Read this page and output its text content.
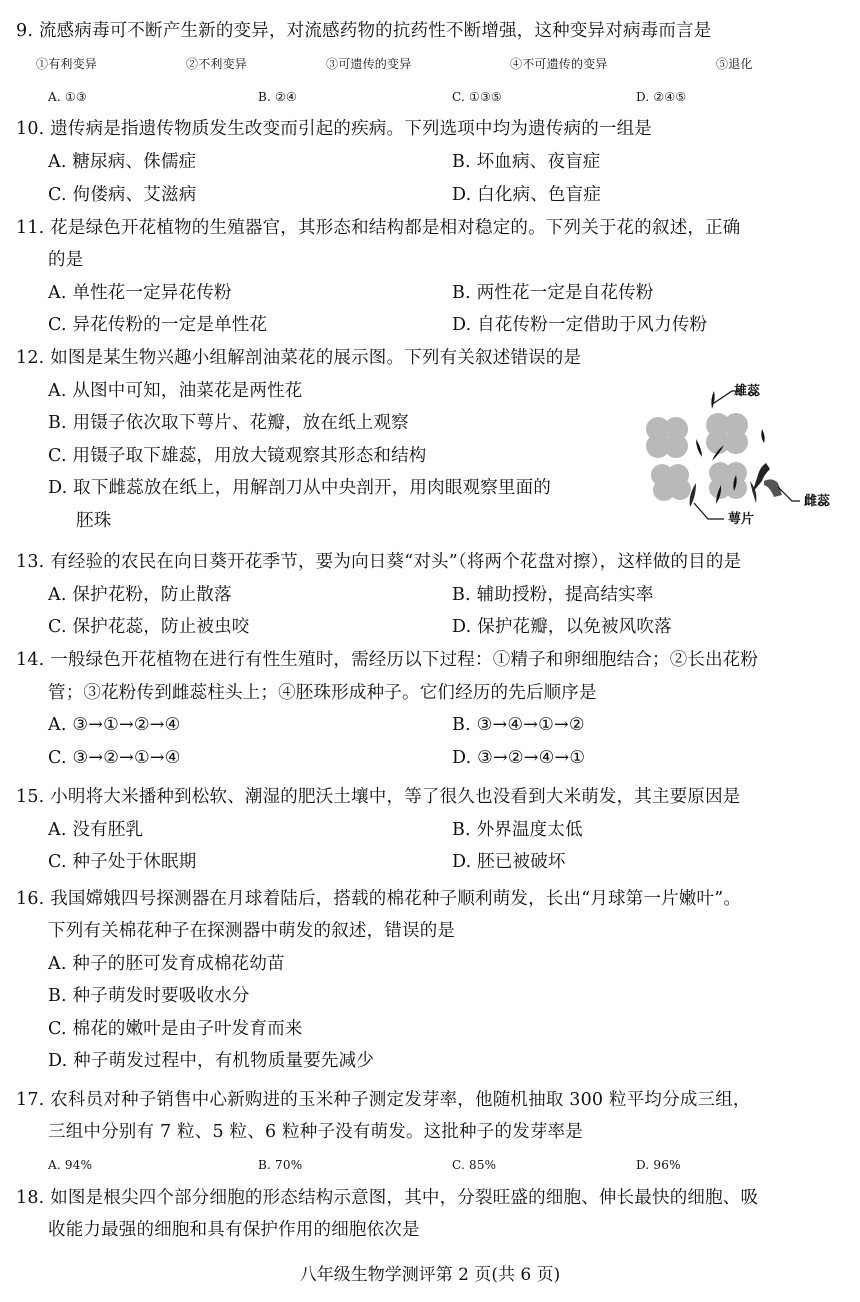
9. 流感病毒可不断产生新的变异，对流感药物的抗药性不断增强，这种变异对病毒而言是
①有利变异	②不利变异	③可遗传的变异	④不可遗传的变异	⑤退化
A. ①③	B. ②④	C. ①③⑤	D. ②④⑤
10. 遗传病是指遗传物质发生改变而引起的疾病。下列选项中均为遗传病的一组是
A. 糖尿病、侏儒症	B. 坏血病、夜盲症
C. 佝偻病、艾滋病	D. 白化病、色盲症
11. 花是绿色开花植物的生殖器官，其形态和结构都是相对稳定的。下列关于花的叙述，正确
的是
A. 单性花一定异花传粉	B. 两性花一定是自花传粉
C. 异花传粉的一定是单性花	D. 自花传粉一定借助于风力传粉
12. 如图是某生物兴趣小组解剖油菜花的展示图。下列有关叙述错误的是
A. 从图中可知，油菜花是两性花
B. 用镊子依次取下萼片、花瓣，放在纸上观察
C. 用镊子取下雄蕊，用放大镜观察其形态和结构
D. 取下雌蕊放在纸上，用解剖刀从中央剖开，用肉眼观察里面的
胚珠
雄蕊
雌蕊
萼片
13. 有经验的农民在向日葵开花季节，要为向日葵“对头”（将两个花盘对擦），这样做的目的是
A. 保护花粉，防止散落	B. 辅助授粉，提高结实率
C. 保护花蕊，防止被虫咬	D. 保护花瓣，以免被风吹落
14. 一般绿色开花植物在进行有性生殖时，需经历以下过程：①精子和卵细胞结合；②长出花粉
管；③花粉传到雌蕊柱头上；④胚珠形成种子。它们经历的先后顺序是
A. ③→①→②→④	B. ③→④→①→②
C. ③→②→①→④	D. ③→②→④→①
15. 小明将大米播种到松软、潮湿的肥沃土壤中，等了很久也没看到大米萌发，其主要原因是
A. 没有胚乳	B. 外界温度太低
C. 种子处于休眠期	D. 胚已被破坏
16. 我国嫦娥四号探测器在月球着陆后，搭载的棉花种子顺利萌发，长出“月球第一片嫩叶”。
下列有关棉花种子在探测器中萌发的叙述，错误的是
A. 种子的胚可发育成棉花幼苗
B. 种子萌发时要吸收水分
C. 棉花的嫩叶是由子叶发育而来
D. 种子萌发过程中，有机物质量要先减少
17. 农科员对种子销售中心新购进的玉米种子测定发芽率，他随机抽取 300 粒平均分成三组，
三组中分别有 7 粒、5 粒、6 粒种子没有萌发。这批种子的发芽率是
A. 94%	B. 70%	C. 85%	D. 96%
18. 如图是根尖四个部分细胞的形态结构示意图，其中，分裂旺盛的细胞、伸长最快的细胞、吸
收能力最强的细胞和具有保护作用的细胞依次是
八年级生物学测评第 2 页(共 6 页)
